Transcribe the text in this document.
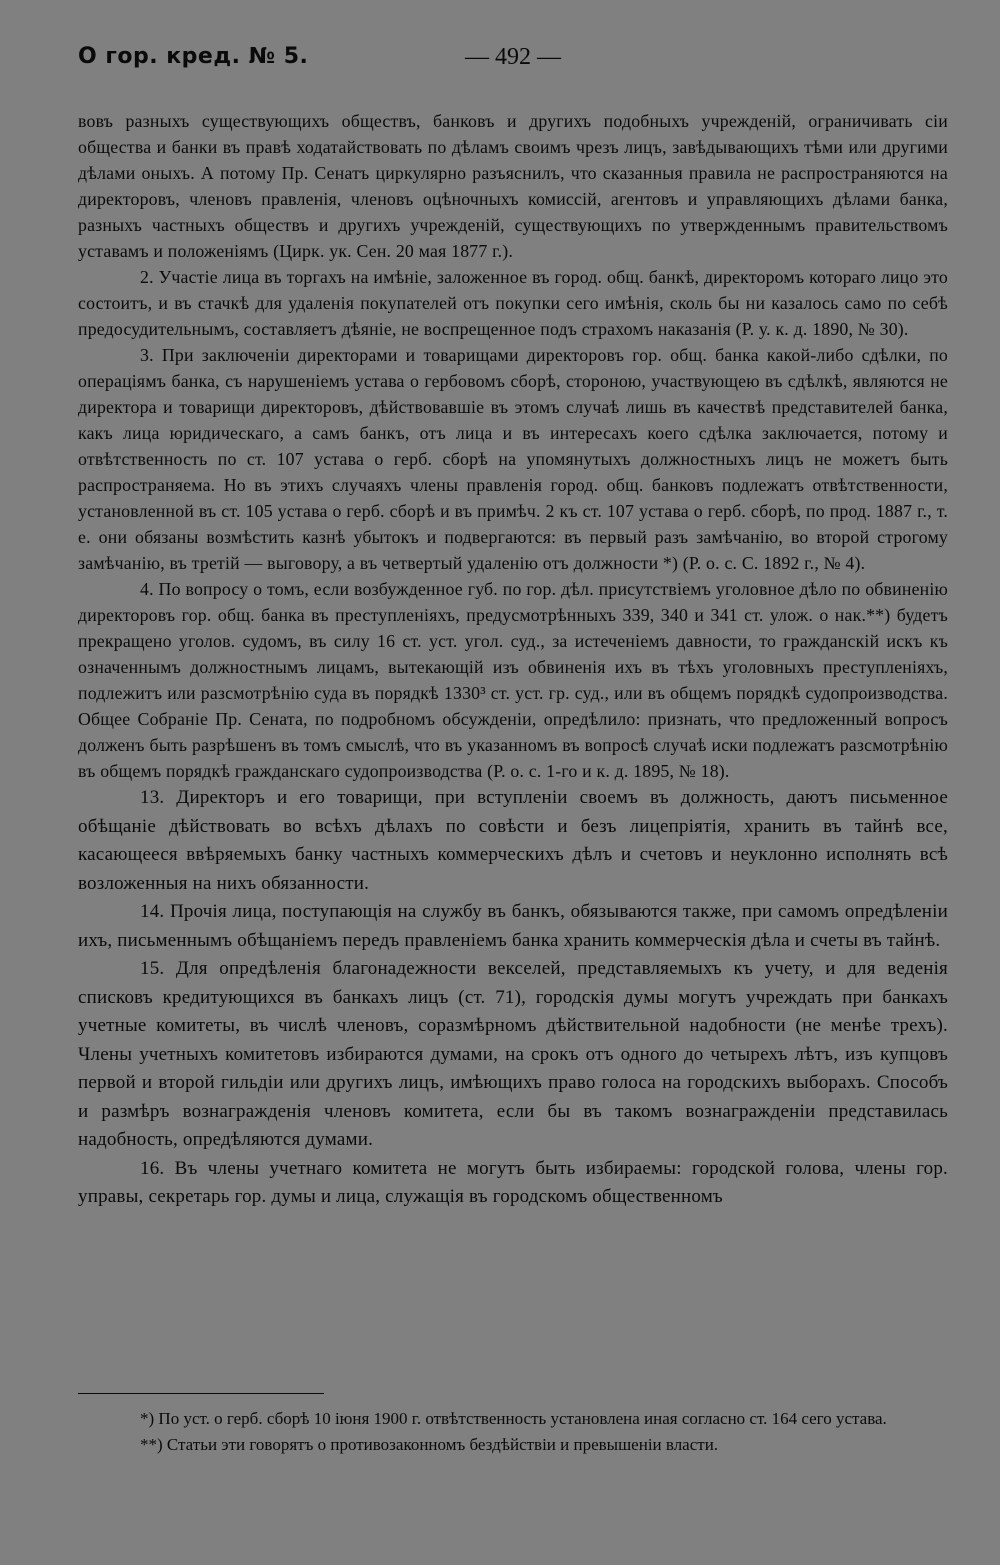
О гор. кред. № 5.	— 492 —

вовъ разныхъ существующихъ обществъ, банковъ и другихъ подобныхъ учрежденій, ограничивать сіи общества и банки въ правѣ ходатайствовать по дѣламъ своимъ чрезъ лицъ, завѣдывающихъ тѣми или другими дѣлами оныхъ. А потому Пр. Сенатъ циркулярно разъяснилъ, что сказанныя правила не распространяются на директоровъ, членовъ правленія, членовъ оцѣночныхъ комиссій, агентовъ и управляющихъ дѣлами банка, разныхъ частныхъ обществъ и другихъ учрежденій, существующихъ по утвержденнымъ правительствомъ уставамъ и положеніямъ (Цирк. ук. Сен. 20 мая 1877 г.).

2. Участіе лица въ торгахъ на имѣніе, заложенное въ город. общ. банкѣ, директоромъ котораго лицо это состоитъ, и въ стачкѣ для удаленія покупателей отъ покупки сего имѣнія, сколь бы ни казалось само по себѣ предосудительнымъ, составляетъ дѣяніе, не воспрещенное подъ страхомъ наказанія (Р. у. к. д. 1890, № 30).

3. При заключеніи директорами и товарищами директоровъ гор. общ. банка какой-либо сдѣлки, по операціямъ банка, съ нарушеніемъ устава о гербовомъ сборѣ, стороною, участвующею въ сдѣлкѣ, являются не директора и товарищи директоровъ, дѣйствовавшіе въ этомъ случаѣ лишь въ качествѣ представителей банка, какъ лица юридическаго, а самъ банкъ, отъ лица и въ интересахъ коего сдѣлка заключается, потому и отвѣтственность по ст. 107 устава о герб. сборѣ на упомянутыхъ должностныхъ лицъ не можетъ быть распространяема. Но въ этихъ случаяхъ члены правленія город. общ. банковъ подлежатъ отвѣтственности, установленной въ ст. 105 устава о герб. сборѣ и въ примѣч. 2 къ ст. 107 устава о герб. сборѣ, по прод. 1887 г., т. е. они обязаны возмѣстить казнѣ убытокъ и подвергаются: въ первый разъ замѣчанію, во второй строгому замѣчанію, въ третій — выговору, а въ четвертый удаленію отъ должности *) (Р. о. с. С. 1892 г., № 4).

4. По вопросу о томъ, если возбужденное губ. по гор. дѣл. присутствіемъ уголовное дѣло по обвиненію директоровъ гор. общ. банка въ преступленіяхъ, предусмотрѣнныхъ 339, 340 и 341 ст. улож. о нак.**) будетъ прекращено уголов. судомъ, въ силу 16 ст. уст. угол. суд., за истеченіемъ давности, то гражданскій искъ къ означеннымъ должностнымъ лицамъ, вытекающій изъ обвиненія ихъ въ тѣхъ уголовныхъ преступленіяхъ, подлежитъ или разсмотрѣнію суда въ порядкѣ 1330³ ст. уст. гр. суд., или въ общемъ порядкѣ судопроизводства. Общее Собраніе Пр. Сената, по подробномъ обсужденіи, опредѣлило: признать, что предложенный вопросъ долженъ быть разрѣшенъ въ томъ смыслѣ, что въ указанномъ въ вопросѣ случаѣ иски подлежатъ разсмотрѣнію въ общемъ порядкѣ гражданскаго судопроизводства (Р. о. с. 1-го и к. д. 1895, № 18).

13. Директоръ и его товарищи, при вступленіи своемъ въ должность, даютъ письменное обѣщаніе дѣйствовать во всѣхъ дѣлахъ по совѣсти и безъ лицепріятія, хранить въ тайнѣ все, касающееся ввѣряемыхъ банку частныхъ коммерческихъ дѣлъ и счетовъ и неуклонно исполнять всѣ возложенныя на нихъ обязанности.

14. Прочія лица, поступающія на службу въ банкъ, обязываются также, при самомъ опредѣленіи ихъ, письменнымъ обѣщаніемъ передъ правленіемъ банка хранить коммерческія дѣла и счеты въ тайнѣ.

15. Для опредѣленія благонадежности векселей, представляемыхъ къ учету, и для веденія списковъ кредитующихся въ банкахъ лицъ (ст. 71), городскія думы могутъ учреждать при банкахъ учетные комитеты, въ числѣ членовъ, соразмѣрномъ дѣйствительной надобности (не менѣе трехъ). Члены учетныхъ комитетовъ избираются думами, на срокъ отъ одного до четырехъ лѣтъ, изъ купцовъ первой и второй гильдіи или другихъ лицъ, имѣющихъ право голоса на городскихъ выборахъ. Способъ и размѣръ вознагражденія членовъ комитета, если бы въ такомъ вознагражденіи представилась надобность, опредѣляются думами.

16. Въ члены учетнаго комитета не могутъ быть избираемы: городской голова, члены гор. управы, секретарь гор. думы и лица, служащія въ городскомъ общественномъ

*) По уст. о герб. сборѣ 10 іюня 1900 г. отвѣтственность установлена иная согласно ст. 164 сего устава.

**) Статьи эти говорятъ о противозаконномъ бездѣйствіи и превышеніи власти.
